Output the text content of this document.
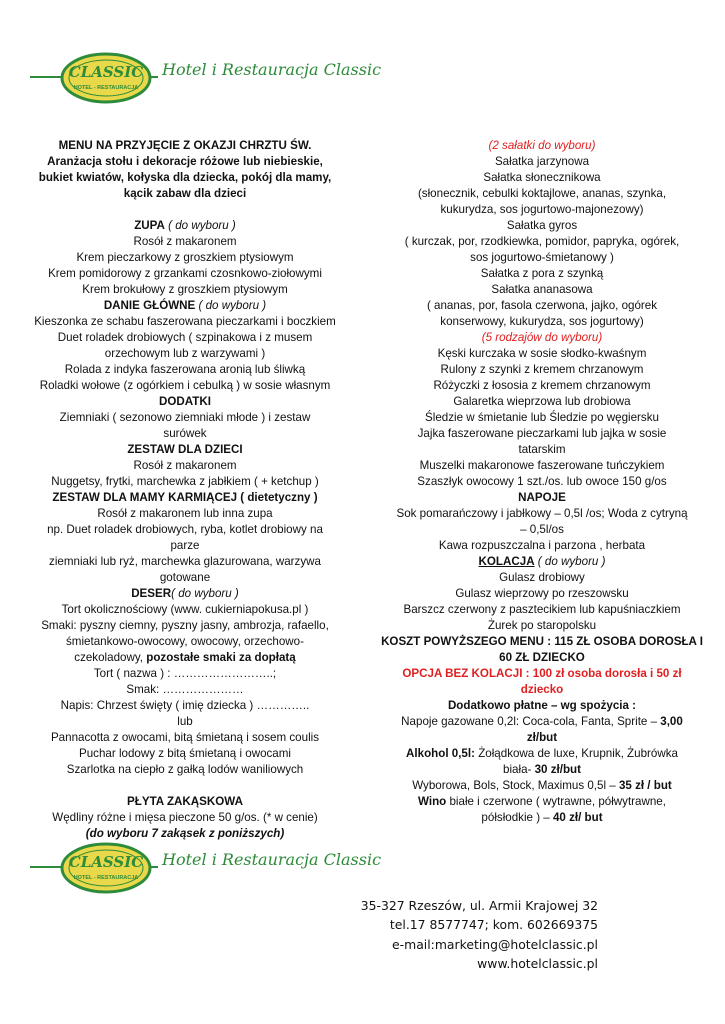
CLASSIC
HOTEL - RESTAURACJA
Hotel i Restauracja Classic
MENU NA PRZYJĘCIE Z OKAZJI CHRZTU ŚW.
Aranżacja stołu i dekoracje różowe lub niebieskie,
bukiet kwiatów, kołyska dla dziecka, pokój dla mamy,
kącik zabaw dla dzieci

ZUPA ( do wyboru )
Rosół z makaronem
Krem pieczarkowy z groszkiem ptysiowym
Krem pomidorowy z grzankami czosnkowo-ziołowymi
Krem brokułowy z groszkiem ptysiowym
DANIE GŁÓWNE ( do wyboru )
Kieszonka ze schabu faszerowana pieczarkami i boczkiem
Duet roladek drobiowych ( szpinakowa i z musem
orzechowym lub z warzywami )
Rolada z indyka faszerowana aronią lub śliwką
Roladki wołowe (z ogórkiem i cebulką ) w sosie własnym
DODATKI
Ziemniaki ( sezonowo ziemniaki młode ) i zestaw
surówek
ZESTAW DLA DZIECI
Rosół z makaronem
Nuggetsy, frytki, marchewka z jabłkiem ( + ketchup )
ZESTAW DLA MAMY KARMIĄCEJ ( dietetyczny )
Rosół z makaronem lub inna zupa
np. Duet roladek drobiowych, ryba, kotlet drobiowy na
parze
ziemniaki lub ryż, marchewka glazurowana, warzywa
gotowane
DESER( do wyboru )
Tort okolicznościowy (www. cukierniapokusa.pl )
Smaki: pyszny ciemny, pyszny jasny, ambrozja, rafaello,
śmietankowo-owocowy, owocowy, orzechowo-
czekoladowy, pozostałe smaki za dopłatą
Tort ( nazwa ) : ……………………..;
Smak: …………………
Napis: Chrzest święty ( imię dziecka ) …………..
lub
Pannacotta z owocami, bitą śmietaną i sosem coulis
Puchar lodowy z bitą śmietaną i owocami
Szarlotka na ciepło z gałką lodów waniliowych

PŁYTA ZAKĄSKOWA
Wędliny różne i mięsa pieczone 50 g/os. (* w cenie)
(do wyboru 7 zakąsek z poniższych)
(2 sałatki do wyboru)
Sałatka jarzynowa
Sałatka słonecznikowa
(słonecznik, cebulki koktajlowe, ananas, szynka,
kukurydza, sos jogurtowo-majonezowy)
Sałatka gyros
( kurczak, por, rzodkiewka, pomidor, papryka, ogórek,
sos jogurtowo-śmietanowy )
Sałatka z pora z szynką
Sałatka ananasowa
( ananas, por, fasola czerwona, jajko, ogórek
konserwowy, kukurydza, sos jogurtowy)
(5 rodzajów do wyboru)
Kęski kurczaka w sosie słodko-kwaśnym
Rulony z szynki z kremem chrzanowym
Różyczki z łososia z kremem chrzanowym
Galaretka wieprzowa lub drobiowa
Śledzie w śmietanie lub Śledzie po węgiersku
Jajka faszerowane pieczarkami lub jajka w sosie
tatarskim
Muszelki makaronowe faszerowane tuńczykiem
Szaszłyk owocowy 1 szt./os. lub owoce 150 g/os
NAPOJE
Sok pomarańczowy i jabłkowy – 0,5l /os; Woda z cytryną
– 0,5l/os
Kawa rozpuszczalna i parzona , herbata
KOLACJA ( do wyboru )
Gulasz drobiowy
Gulasz wieprzowy po rzeszowsku
Barszcz czerwony z pasztecikiem lub kapuśniaczkiem
Żurek po staropolsku
KOSZT POWYŻSZEGO MENU : 115 ZŁ OSOBA DOROSŁA I
60 ZŁ DZIECKO
OPCJA BEZ KOLACJI : 100 zł osoba dorosła i 50 zł
dziecko
Dodatkowo płatne – wg spożycia :
Napoje gazowane 0,2l: Coca-cola, Fanta, Sprite – 3,00
zł/but
Alkohol 0,5l: Żołądkowa de luxe, Krupnik, Żubrówka
biała- 30 zł/but
Wyborowa, Bols, Stock, Maximus 0,5l – 35 zł / but
Wino białe i czerwone ( wytrawne, półwytrawne,
półsłodkie ) – 40 zł/ but
CLASSIC
HOTEL - RESTAURACJA
Hotel i Restauracja Classic
35-327 Rzeszów, ul. Armii Krajowej 32
tel.17 8577747; kom. 602669375
e-mail:marketing@hotelclassic.pl
www.hotelclassic.pl
